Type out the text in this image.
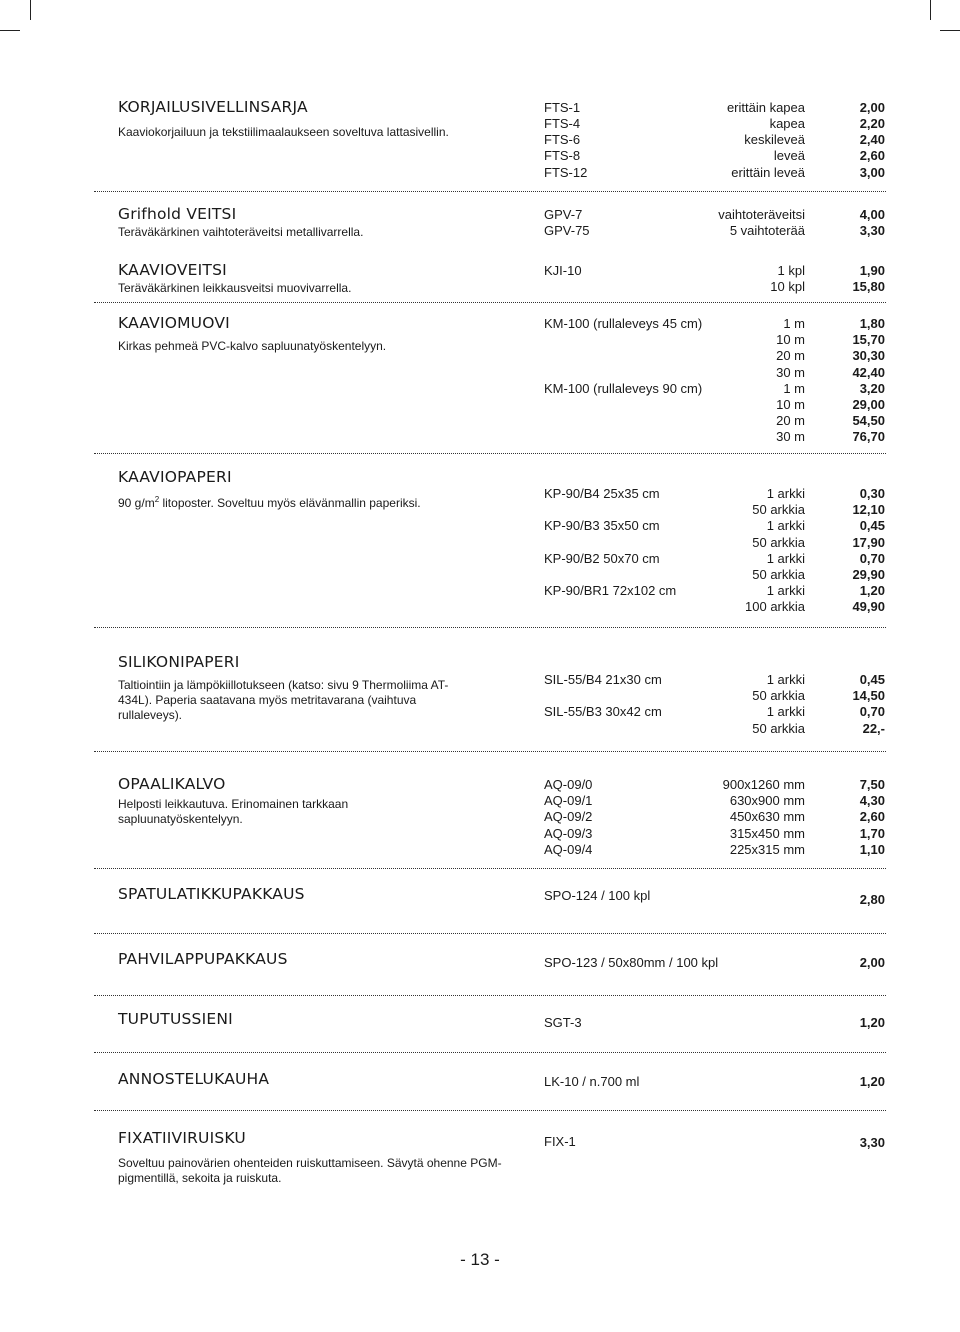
KORJAILUSIVELLINSARJA
Kaaviokorjailuun ja tekstiilimaalaukseen soveltuva lattasivellin.
FTS-1	erittäin kapea	2,00
FTS-4	kapea	2,20
FTS-6	keskileveä	2,40
FTS-8	leveä	2,60
FTS-12	erittäin leveä	3,00
Grifhold VEITSI
Teräväkärkinen vaihtoteräveitsi metallivarrella.
GPV-7	vaihtoteräveitsi	4,00
GPV-75	5 vaihtoterää	3,30
KAAVIOVEITSI
Teräväkärkinen leikkausveitsi muovivarrella.
KJI-10	1 kpl	1,90
10 kpl	15,80
KAAVIOMUOVI
Kirkas pehmeä PVC-kalvo sapluunatyöskentelyyn.
KM-100 (rullaleveys 45 cm)	1 m	1,80
10 m	15,70
20 m	30,30
30 m	42,40
KM-100 (rullaleveys 90 cm)	1 m	3,20
10 m	29,00
20 m	54,50
30 m	76,70
KAAVIOPAPERI
90 $g/m^2$ litoposter. Soveltuu myös elävänmallin paperiksi.
KP-90/B4 25x35 cm	1 arkki	0,30
50 arkkia	12,10
KP-90/B3 35x50 cm	1 arkki	0,45
50 arkkia	17,90
KP-90/B2 50x70 cm	1 arkki	0,70
50 arkkia	29,90
KP-90/BR1 72x102 cm	1 arkki	1,20
100 arkkia	49,90
SILIKONIPAPERI
Taltiointiin ja lämpökiillotukseen (katso: sivu 9 Thermoliima AT-434L). Paperia saatavana myös metritavarana (vaihtuva rullaleveys).
SIL-55/B4 21x30 cm	1 arkki	0,45
50 arkkia	14,50
SIL-55/B3 30x42 cm	1 arkki	0,70
50 arkkia	22,-
OPAALIKALVO
Helposti leikkautuva. Erinomainen tarkkaan sapluunatyöskentelyyn.
AQ-09/0	900x1260 mm	7,50
AQ-09/1	630x900 mm	4,30
AQ-09/2	450x630 mm	2,60
AQ-09/3	315x450 mm	1,70
AQ-09/4	225x315 mm	1,10
SPATULATIKKUPAKKAUS	SPO-124 / 100 kpl	2,80
PAHVILAPPUPAKKAUS	SPO-123 / 50x80mm / 100 kpl	2,00
TUPUTUSSIENI	SGT-3	1,20
ANNOSTELUKAUHA	LK-10 / n.700 ml	1,20
FIXATIIVIRUISKU
Soveltuu painovärien ohenteiden ruiskuttamiseen. Sävytä ohenne PGM-pigmentillä, sekoita ja ruiskuta.
FIX-1	3,30
- 13 -
